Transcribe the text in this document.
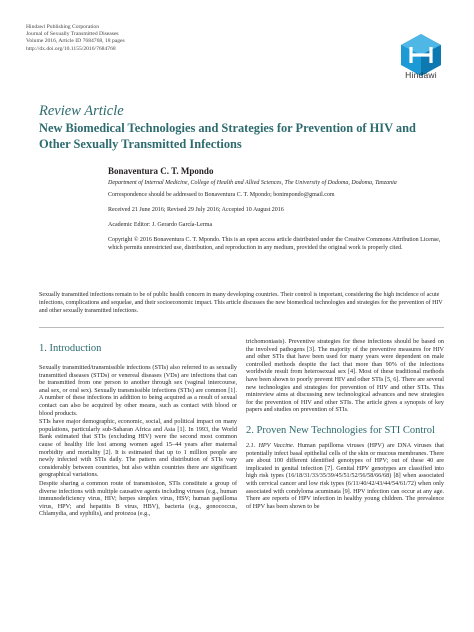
Hindawi Publishing Corporation
Journal of Sexually Transmitted Diseases
Volume 2016, Article ID 7684768, 18 pages
http://dx.doi.org/10.1155/2016/7684768
Hindawi
Review Article
New Biomedical Technologies and Strategies for Prevention of HIV and Other Sexually Transmitted Infections
Bonaventura C. T. Mpondo
Department of Internal Medicine, College of Health and Allied Sciences, The University of Dodoma, Dodoma, Tanzania
Correspondence should be addressed to Bonaventura C. T. Mpondo; bonimpondo@gmail.com
Received 21 June 2016; Revised 29 July 2016; Accepted 10 August 2016
Academic Editor: J. Gerardo García-Lerma
Copyright © 2016 Bonaventura C. T. Mpondo. This is an open access article distributed under the Creative Commons Attribution License, which permits unrestricted use, distribution, and reproduction in any medium, provided the original work is properly cited.
Sexually transmitted infections remain to be of public health concern in many developing countries. Their control is important, considering the high incidence of acute infections, complications and sequelae, and their socioeconomic impact. This article discusses the new biomedical technologies and strategies for the prevention of HIV and other sexually transmitted infections.
1. Introduction

Sexually transmitted/transmissible infections (STIs) also referred to as sexually transmitted diseases (STDs) or venereal diseases (VDs) are infections that can be transmitted from one person to another through sex (vaginal intercourse, anal sex, or oral sex). Sexually transmissible infections (STIs) are common [1]. A number of these infections in addition to being acquired as a result of sexual contact can also be acquired by other means, such as contact with blood or blood products.

STIs have major demographic, economic, social, and political impact on many populations, particularly sub-Saharan Africa and Asia [1]. In 1993, the World Bank estimated that STIs (excluding HIV) were the second most common cause of healthy life lost among women aged 15–44 years after maternal morbidity and mortality [2]. It is estimated that up to 1 million people are newly infected with STIs daily. The pattern and distribution of STIs vary considerably between countries, but also within countries there are significant geographical variations.

Despite sharing a common route of transmission, STIs constitute a group of diverse infections with multiple causative agents including viruses (e.g., human immunodeficiency virus, HIV; herpes simplex virus, HSV; human papilloma virus, HPV; and hepatitis B virus, HBV), bacteria (e.g., gonococcus, Chlamydia, and syphilis), and protozoa (e.g.,

trichomoniasis). Preventive strategies for these infections should be based on the involved pathogens [3]. The majority of the preventive measures for HIV and other STIs that have been used for many years were dependent on male controlled methods despite the fact that more than 90% of the infections worldwide result from heterosexual sex [4]. Most of these traditional methods have been shown to poorly prevent HIV and other STIs [5, 6]. There are several new technologies and strategies for prevention of HIV and other STIs. This minireview aims at discussing new technological advances and new strategies for the prevention of HIV and other STIs. The article gives a synopsis of key papers and studies on prevention of STIs.

2. Proven New Technologies for STI Control

2.1. HPV Vaccine. Human papilloma viruses (HPV) are DNA viruses that potentially infect basal epithelial cells of the skin or mucous membranes. There are about 100 different identified genotypes of HPV; out of these 40 are implicated in genital infection [7]. Genital HPV genotypes are classified into high risk types (16/18/31/33/35/39/45/51/52/56/58/66/68) [8] when associated with cervical cancer and low risk types (6/11/40/42/43/44/54/61/72) when only associated with condyloma acuminata [9]. HPV infection can occur at any age. There are reports of HPV infection in healthy young children. The prevalence of HPV has been shown to be
